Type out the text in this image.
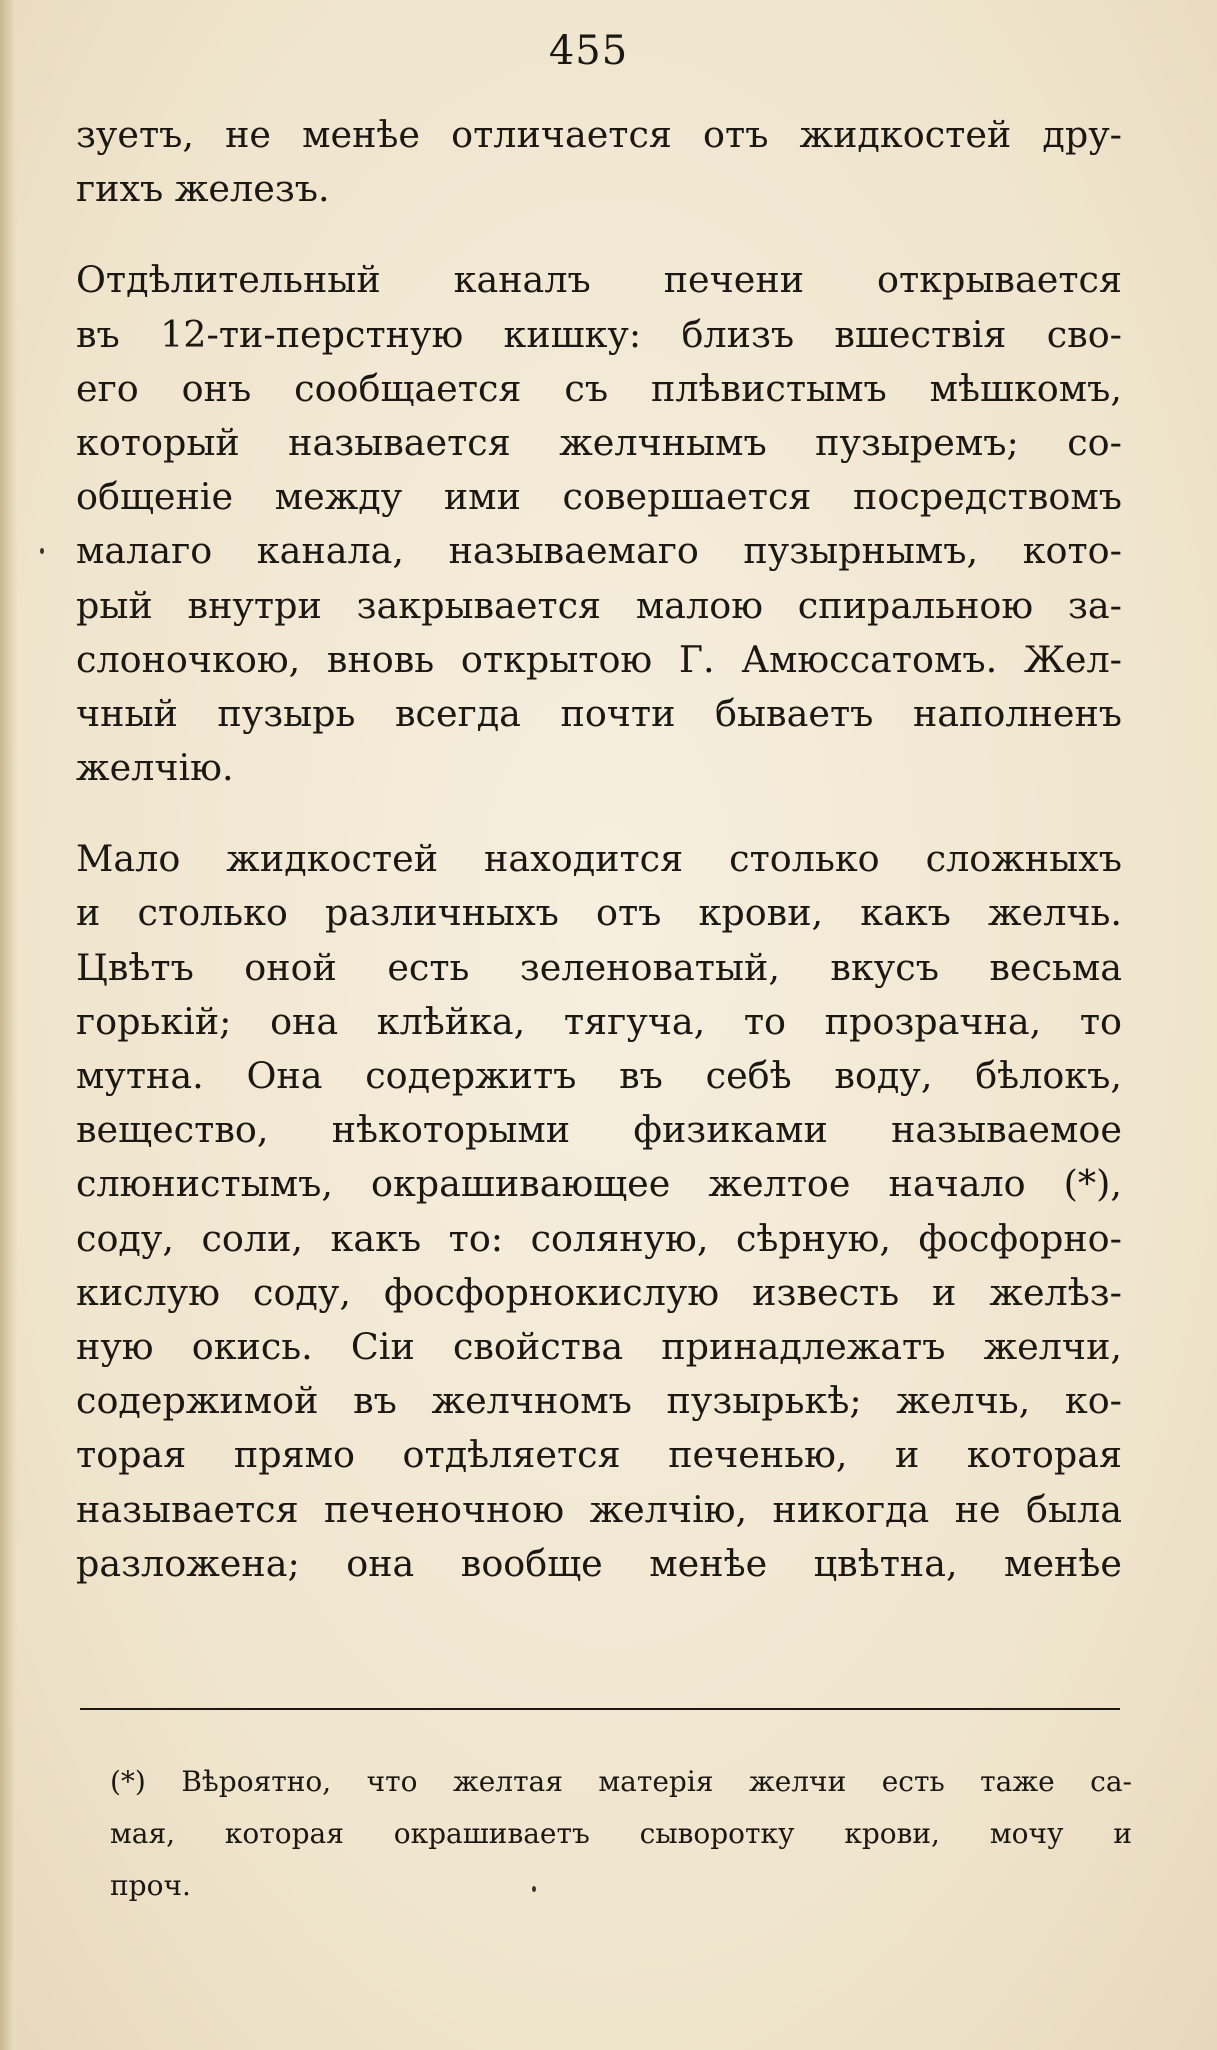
455
зуетъ, не менѣе отличается отъ жидкостей дру-
гихъ железъ.
Отдѣлительный каналъ печени открывается
въ 12-ти-перстную кишку: близъ вшествія сво-
его онъ сообщается съ плѣвистымъ мѣшкомъ,
который называется желчнымъ пузыремъ; со-
общеніе между ими совершается посредствомъ
малаго канала, называемаго пузырнымъ, кото-
рый внутри закрывается малою спиральною за-
слоночкою, вновь открытою Г. Амюссатомъ. Жел-
чный пузырь всегда почти бываетъ наполненъ
желчію.
Мало жидкостей находится столько сложныхъ
и столько различныхъ отъ крови, какъ желчь.
Цвѣтъ оной есть зеленоватый, вкусъ весьма
горькій; она клѣйка, тягуча, то прозрачна, то
мутна. Она содержитъ въ себѣ воду, бѣлокъ,
вещество, нѣкоторыми физиками называемое
слюнистымъ, окрашивающее желтое начало (*),
соду, соли, какъ то: соляную, сѣрную, фосфорно-
кислую соду, фосфорнокислую известь и желѣз-
ную окись. Сіи свойства принадлежатъ желчи,
содержимой въ желчномъ пузырькѣ; желчь, ко-
торая прямо отдѣляется печенью, и которая
называется печеночною желчію, никогда не была
разложена; она вообще менѣе цвѣтна, менѣе
(*) Вѣроятно, что желтая матерія желчи есть таже са-
мая, которая окрашиваетъ сыворотку крови, мочу и
проч.
